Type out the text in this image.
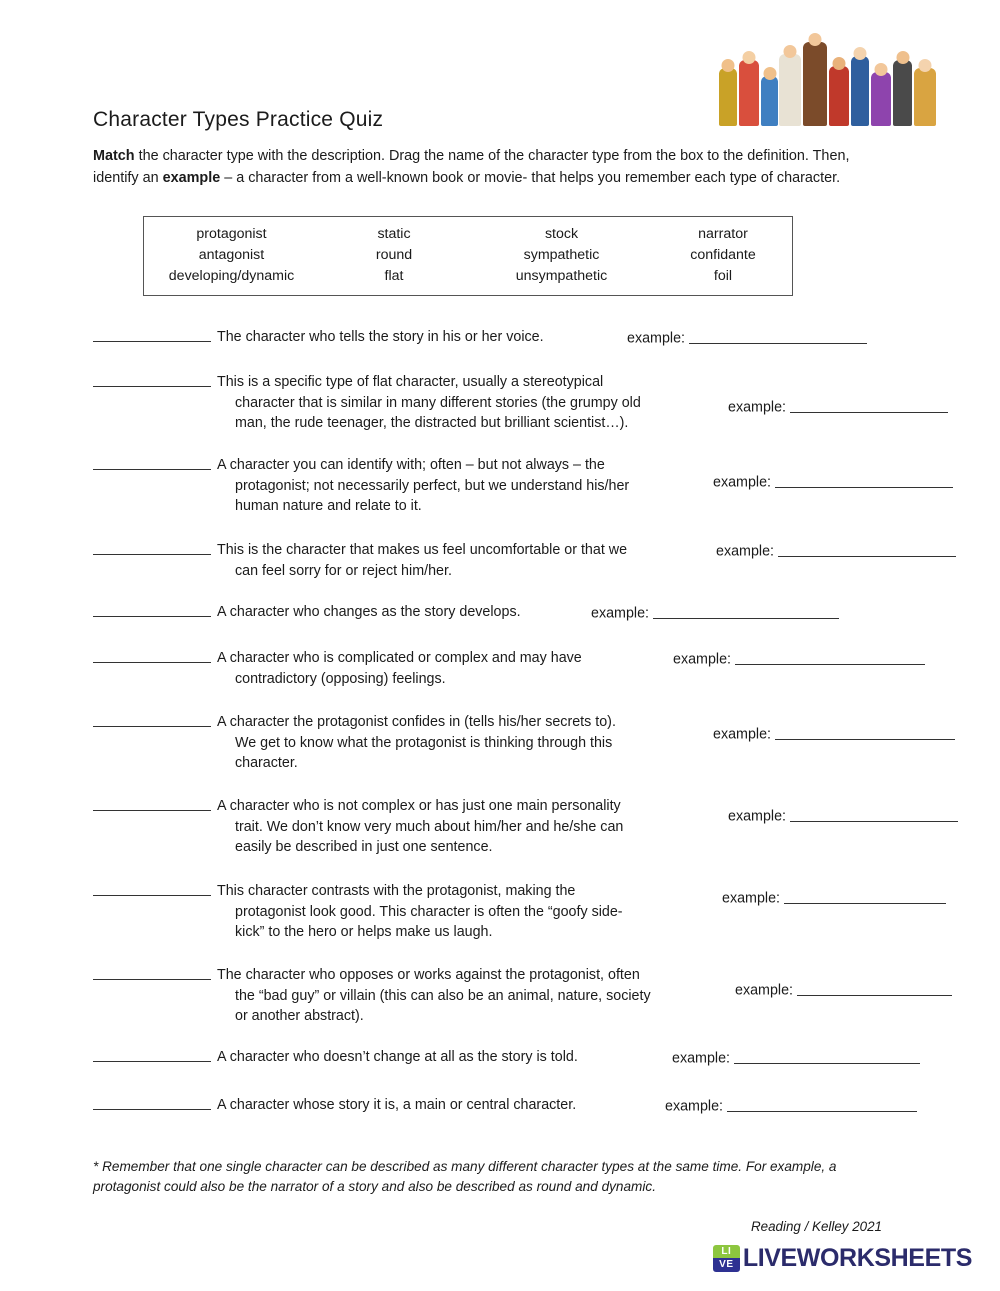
Character Types Practice Quiz
Match the character type with the description. Drag the name of the character type from the box to the definition. Then, identify an example – a character from a well-known book or movie- that helps you remember each type of character.
protagonist	static	stock	narrator
antagonist	round	sympathetic	confidante
developing/dynamic	flat	unsympathetic	foil
The character who tells the story in his or her voice.	example:
This is a specific type of flat character, usually a stereotypical
character that is similar in many different stories (the grumpy old
man, the rude teenager, the distracted but brilliant scientist…).
example:
A character you can identify with; often – but not always – the
protagonist; not necessarily perfect, but we understand his/her
human nature and relate to it.
example:
This is the character that makes us feel uncomfortable or that we
can feel sorry for or reject him/her.
example:
A character who changes as the story develops.	example:
A character who is complicated or complex and may have
contradictory (opposing) feelings.
example:
A character the protagonist confides in (tells his/her secrets to).
We get to know what the protagonist is thinking through this
character.
example:
A character who is not complex or has just one main personality
trait. We don’t know very much about him/her and he/she can
easily be described in just one sentence.
example:
This character contrasts with the protagonist, making the
protagonist look good. This character is often the “goofy side-
kick” to the hero or helps make us laugh.
example:
The character who opposes or works against the protagonist, often
the “bad guy” or villain (this can also be an animal, nature, society
or another abstract).
example:
A character who doesn’t change at all as the story is told.	example:
A character whose story it is, a main or central character.	example:
* Remember that one single character can be described as many different character types at the same time. For example, a protagonist could also be the narrator of a story and also be described as round and dynamic.
Reading / Kelley 2021
LI
VE LIVEWORKSHEETS
